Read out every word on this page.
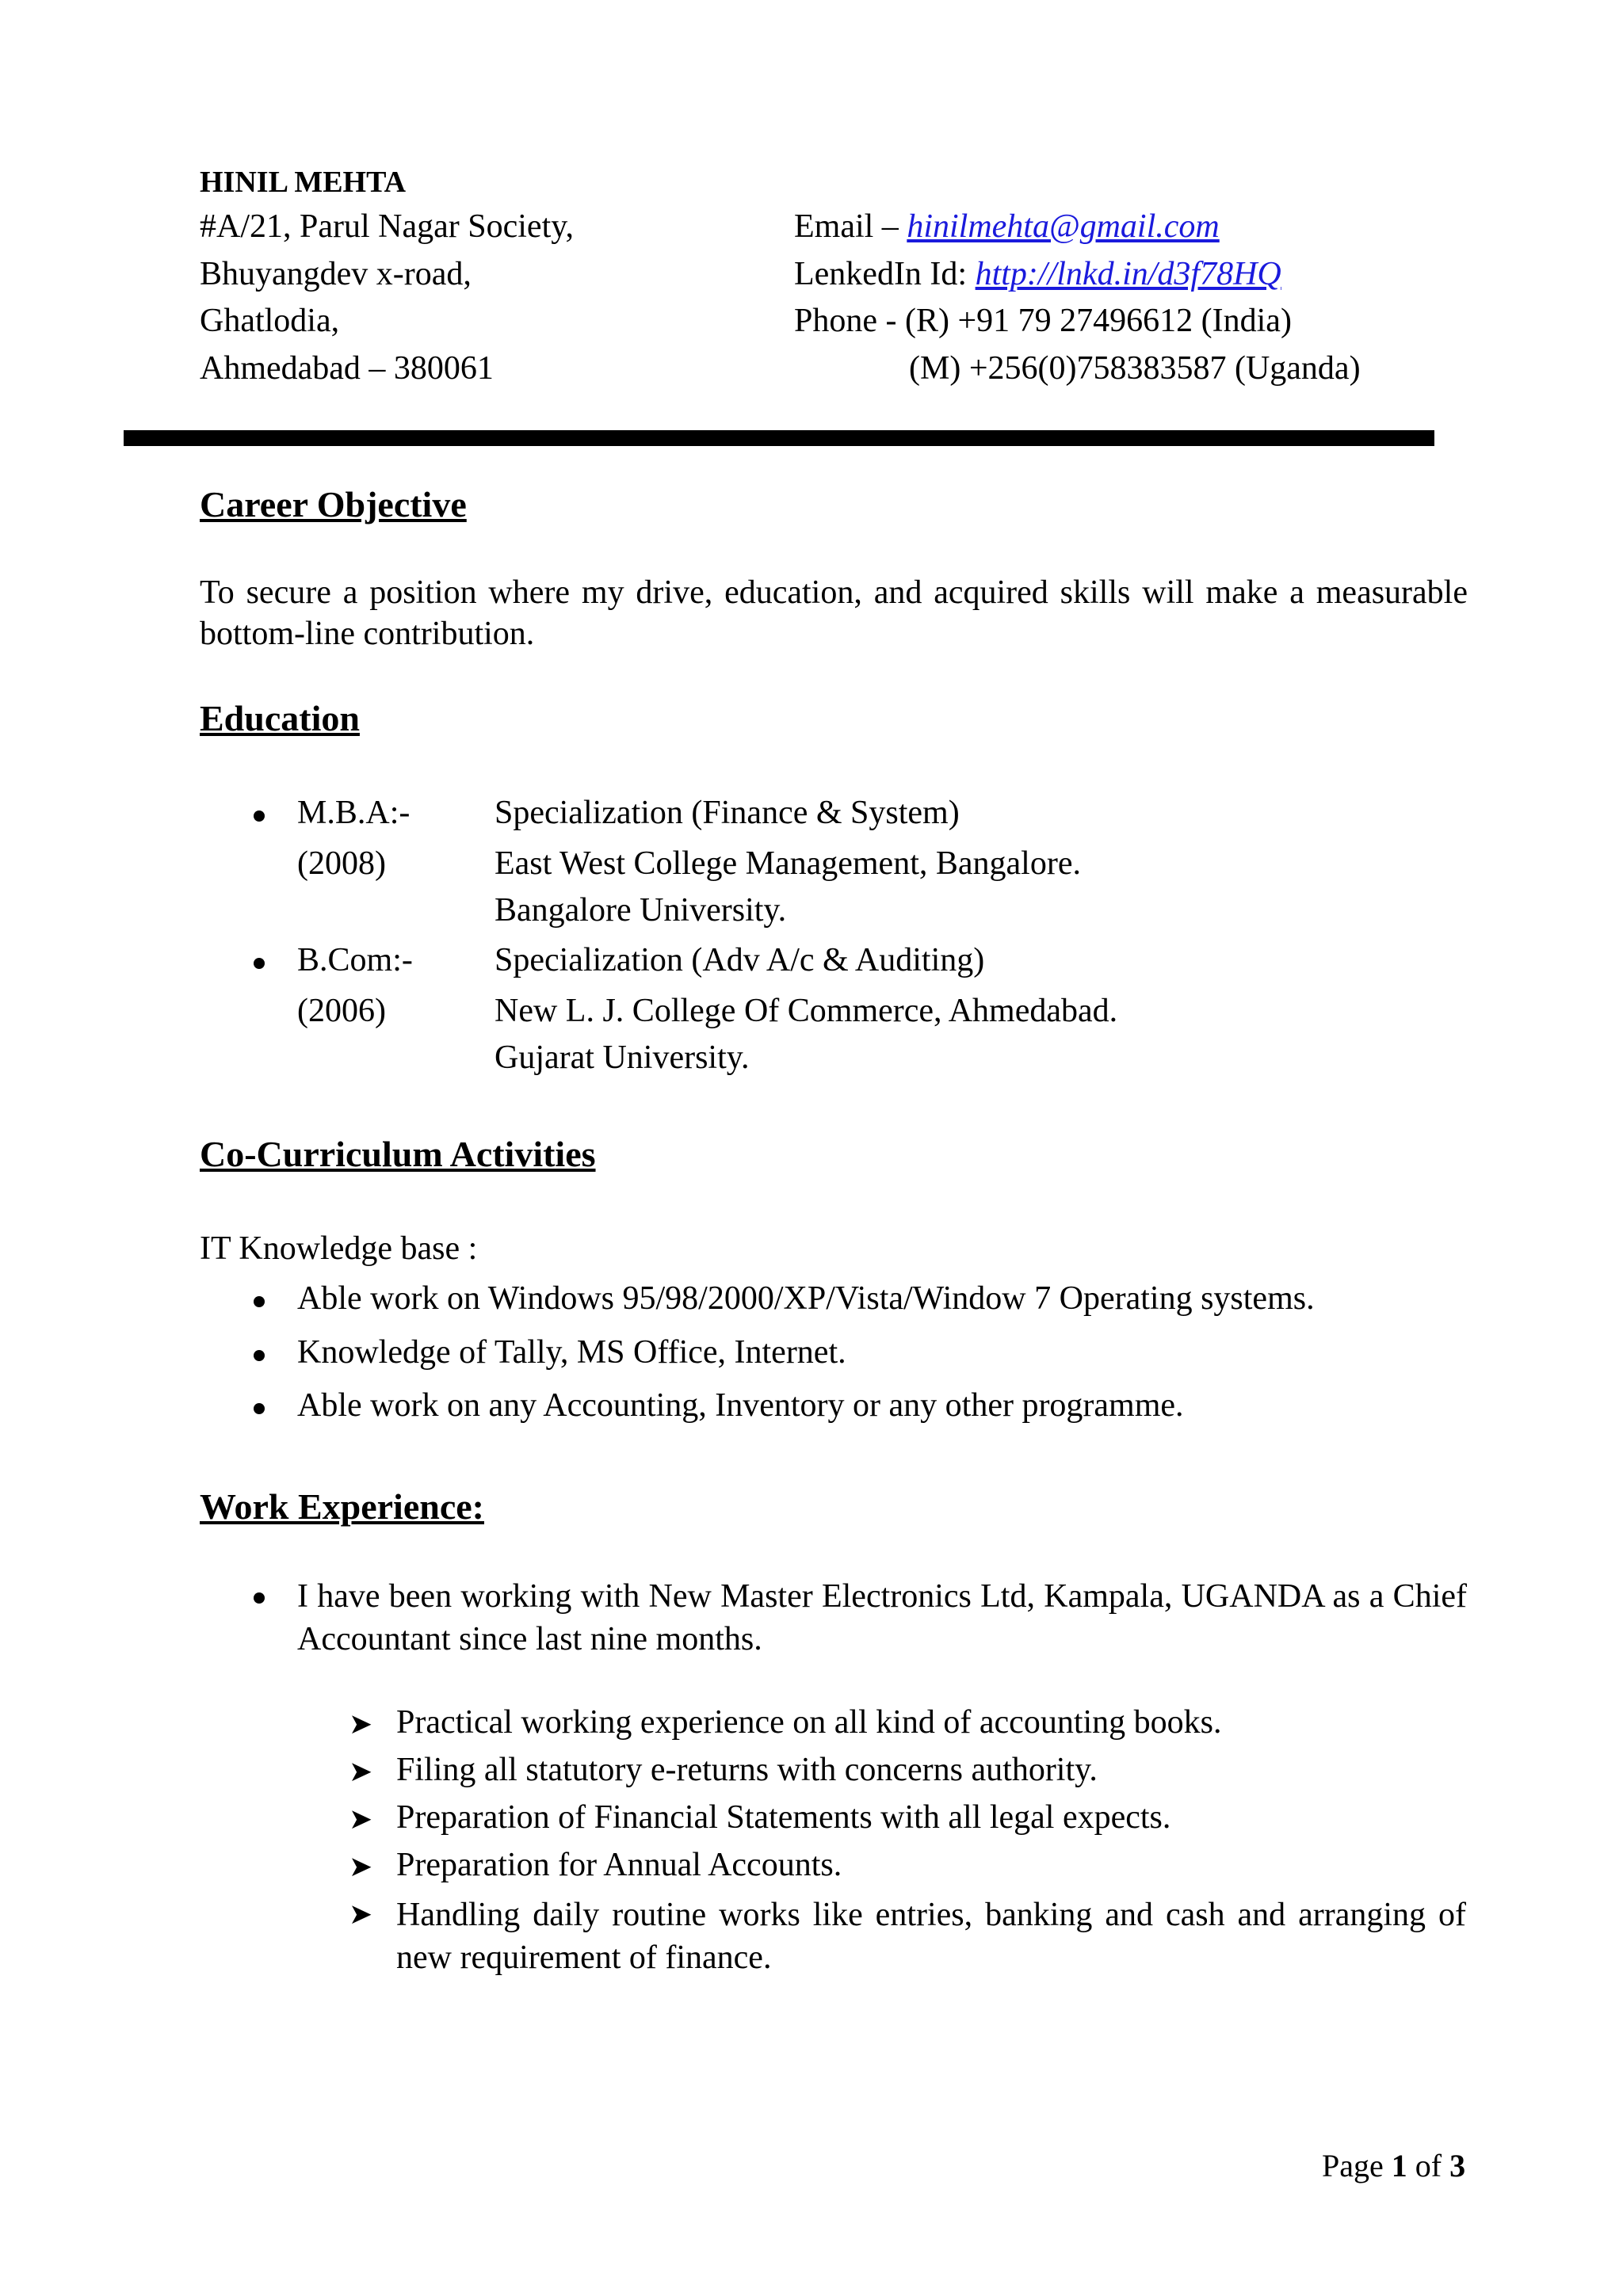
HINIL MEHTA
#A/21, Parul Nagar Society,
Bhuyangdev x-road,
Ghatlodia,
Ahmedabad – 380061
Email – hinilmehta@gmail.com
LenkedIn Id: http://lnkd.in/d3f78HQ
Phone - (R) +91 79 27496612 (India)
(M) +256(0)758383587 (Uganda)
Career Objective
To secure a position where my drive, education, and acquired skills will make a measurable bottom-line contribution.
Education
M.B.A:-
(2008)
Specialization (Finance & System)
East West College Management, Bangalore.
Bangalore University.
B.Com:-
(2006)
Specialization (Adv A/c & Auditing)
New L. J. College Of Commerce, Ahmedabad.
Gujarat University.
Co-Curriculum Activities
IT Knowledge base :
Able work on Windows 95/98/2000/XP/Vista/Window 7 Operating systems.
Knowledge of Tally, MS Office, Internet.
Able work on any Accounting, Inventory or any other programme.
Work Experience:
I have been working with New Master Electronics Ltd, Kampala, UGANDA as a Chief Accountant since last nine months.
➤ Practical working experience on all kind of accounting books.
➤ Filing all statutory e-returns with concerns authority.
➤ Preparation of Financial Statements with all legal expects.
➤ Preparation for Annual Accounts.
➤ Handling daily routine works like entries, banking and cash and arranging of new requirement of finance.
Page 1 of 3
